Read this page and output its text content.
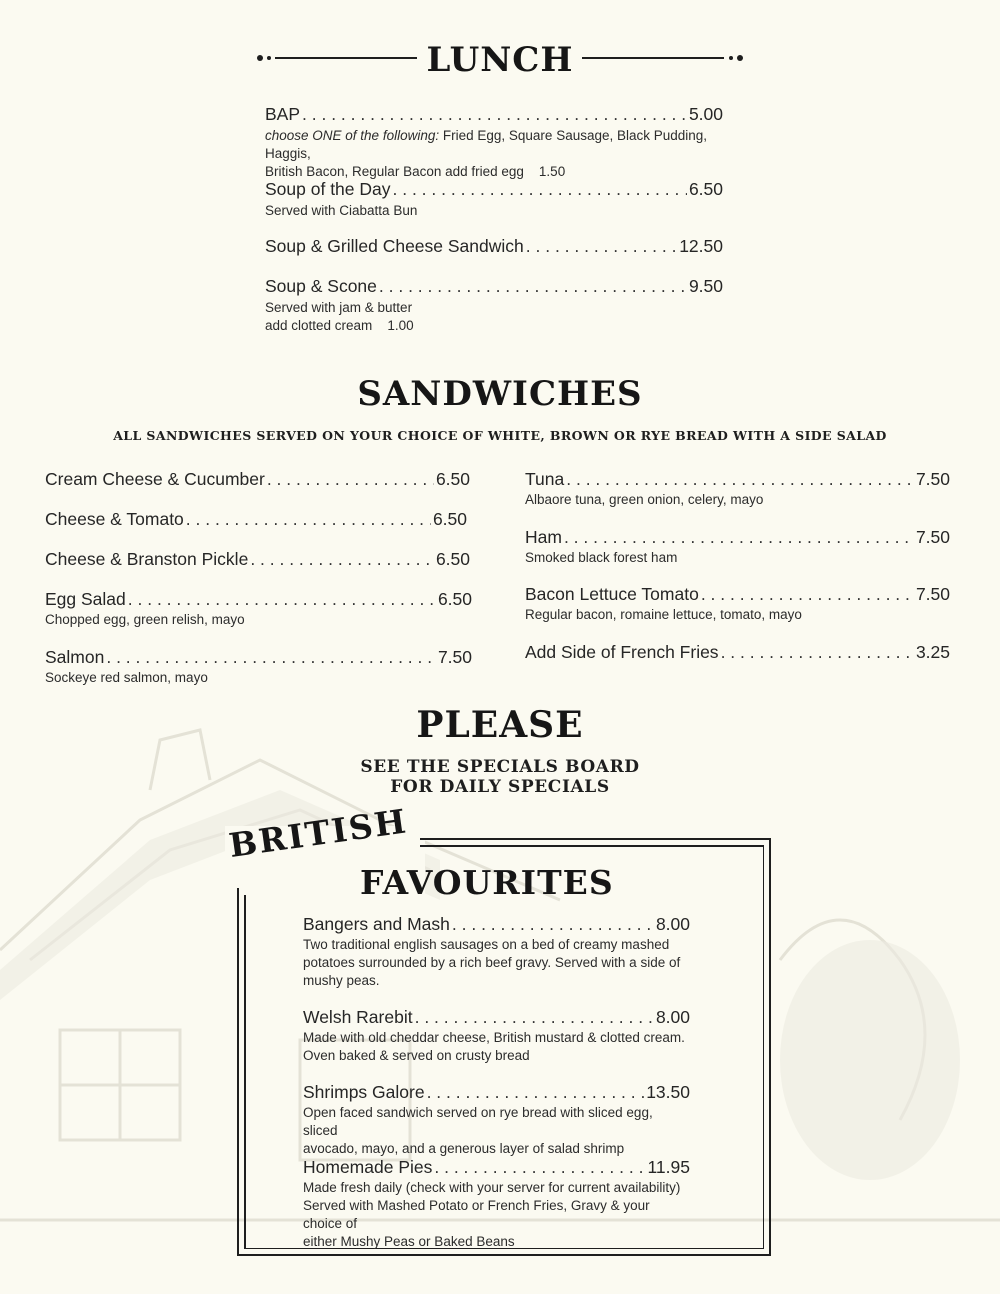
LUNCH
BAP . . .	5.00
choose ONE of the following: Fried Egg, Square Sausage, Black Pudding, Haggis,
British Bacon, Regular Bacon add fried egg 1.50
Soup of the Day . . .	6.50
Served with Ciabatta Bun
Soup & Grilled Cheese Sandwich . . .	12.50
Soup & Scone . . .	9.50
Served with jam & butter
add clotted cream 1.00
SANDWICHES
ALL SANDWICHES SERVED ON YOUR CHOICE OF WHITE, BROWN OR RYE BREAD WITH A SIDE SALAD
Cream Cheese & Cucumber . . .	6.50
Cheese & Tomato . . .	6.50
Cheese & Branston Pickle . . .	6.50
Egg Salad . . .	6.50
Chopped egg, green relish, mayo
Salmon . . .	7.50
Sockeye red salmon, mayo
Tuna . . .	7.50
Albaore tuna, green onion, celery, mayo
Ham . . .	7.50
Smoked black forest ham
Bacon Lettuce Tomato . . .	7.50
Regular bacon, romaine lettuce, tomato, mayo
Add Side of French Fries . . .	3.25
PLEASE
SEE THE SPECIALS BOARD
FOR DAILY SPECIALS
BRITISH
FAVOURITES
Bangers and Mash . . .	8.00
Two traditional english sausages on a bed of creamy mashed
potatoes surrounded by a rich beef gravy. Served with a side of
mushy peas.
Welsh Rarebit . . .	8.00
Made with old cheddar cheese, British mustard & clotted cream.
Oven baked & served on crusty bread
Shrimps Galore . . .	13.50
Open faced sandwich served on rye bread with sliced egg, sliced
avocado, mayo, and a generous layer of salad shrimp
Homemade Pies . . .	11.95
Made fresh daily (check with your server for current availability)
Served with Mashed Potato or French Fries, Gravy & your choice of
either Mushy Peas or Baked Beans
